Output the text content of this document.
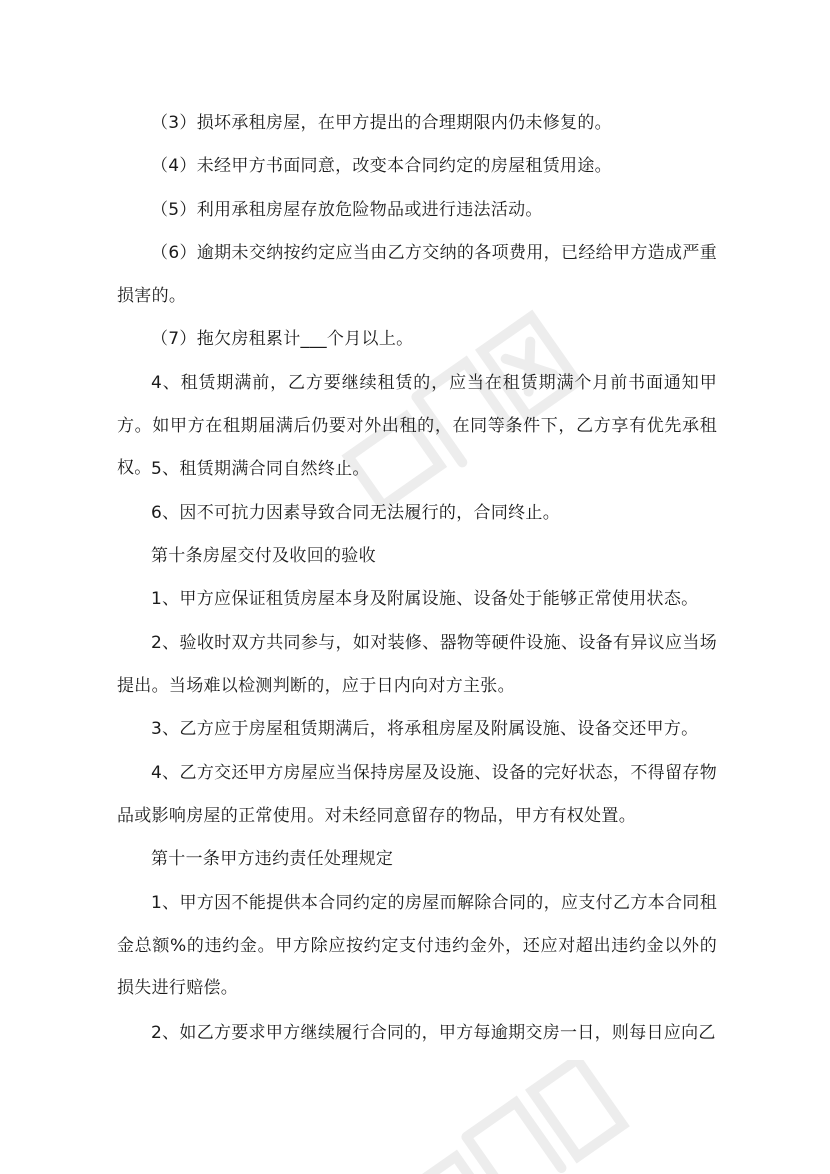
（3）损坏承租房屋，在甲方提出的合理期限内仍未修复的。

（4）未经甲方书面同意，改变本合同约定的房屋租赁用途。

（5）利用承租房屋存放危险物品或进行违法活动。

（6）逾期未交纳按约定应当由乙方交纳的各项费用，已经给甲方造成严重损害的。

（7）拖欠房租累计___个月以上。

4、租赁期满前，乙方要继续租赁的，应当在租赁期满个月前书面通知甲方。如甲方在租期届满后仍要对外出租的，在同等条件下，乙方享有优先承租权。 5、租赁期满合同自然终止。

6、因不可抗力因素导致合同无法履行的，合同终止。

第十条房屋交付及收回的验收

1、甲方应保证租赁房屋本身及附属设施、设备处于能够正常使用状态。

2、验收时双方共同参与，如对装修、器物等硬件设施、设备有异议应当场提出。当场难以检测判断的，应于日内向对方主张。

3、乙方应于房屋租赁期满后，将承租房屋及附属设施、设备交还甲方。

4、乙方交还甲方房屋应当保持房屋及设施、设备的完好状态，不得留存物品或影响房屋的正常使用。对未经同意留存的物品，甲方有权处置。

第十一条甲方违约责任处理规定

1、甲方因不能提供本合同约定的房屋而解除合同的，应支付乙方本合同租金总额%的违约金。甲方除应按约定支付违约金外，还应对超出违约金以外的损失进行赔偿。

2、如乙方要求甲方继续履行合同的，甲方每逾期交房一日，则每日应向乙
